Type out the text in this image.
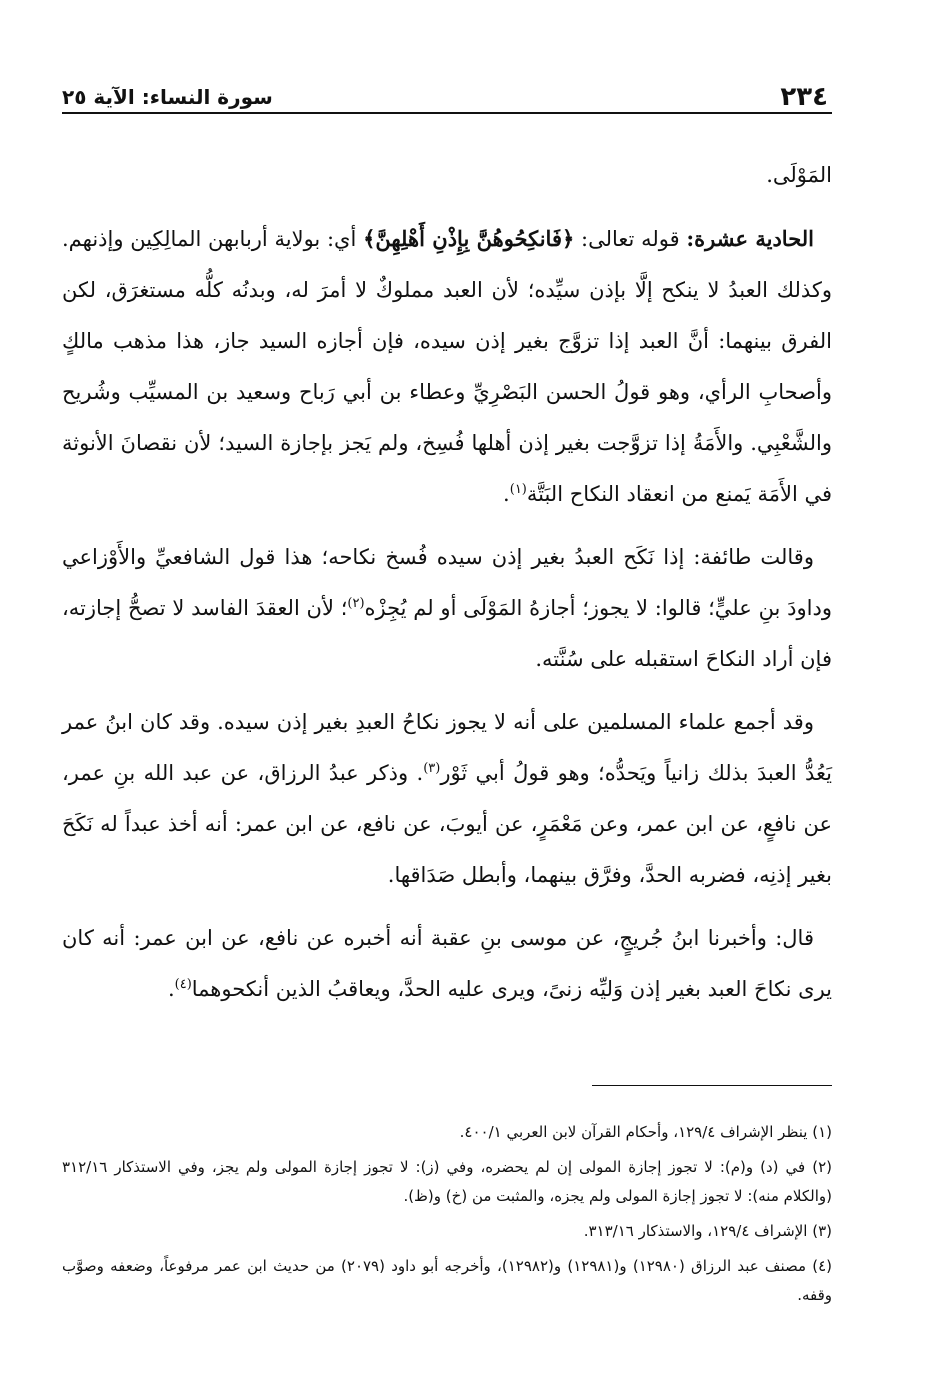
٢٣٤
سورة النساء: الآية ٢٥

المَوْلَى.

الحادية عشرة: قوله تعالى: ﴿فَانكِحُوهُنَّ بِإِذْنِ أَهْلِهِنَّ﴾ أي: بولاية أربابهن المالِكِين وإذنهم. وكذلك العبدُ لا ينكح إلَّا بإذن سيِّده؛ لأن العبد مملوكٌ لا أمرَ له، وبدنُه كلُّه مستغرَق، لكن الفرق بينهما: أنَّ العبد إذا تزوَّج بغير إذن سيده، فإن أجازه السيد جاز، هذا مذهب مالكٍ وأصحابِ الرأي، وهو قولُ الحسن البَصْرِيِّ وعطاء بن أبي رَباح وسعيد بن المسيِّب وشُريح والشَّعْبِي. والأَمَةُ إذا تزوَّجت بغير إذن أهلها فُسِخ، ولم يَجز بإجازة السيد؛ لأن نقصانَ الأنوثة في الأَمَة يَمنع من انعقاد النكاح البَتَّة$^{(١)}$.

وقالت طائفة: إذا نَكَح العبدُ بغير إذن سيده فُسخ نكاحه؛ هذا قول الشافعيِّ والأَوْزاعي وداودَ بنِ عليٍّ؛ قالوا: لا يجوز؛ أجازهُ المَوْلَى أو لم يُجِزْه$^{(٢)}$؛ لأن العقدَ الفاسد لا تصحُّ إجازته، فإن أراد النكاحَ استقبله على سُنَّته.

وقد أجمع علماء المسلمين على أنه لا يجوز نكاحُ العبدِ بغير إذن سيده. وقد كان ابنُ عمر يَعُدُّ العبدَ بذلك زانياً ويَحدُّه؛ وهو قولُ أبي ثَوْر$^{(٣)}$. وذكر عبدُ الرزاق، عن عبد الله بنِ عمر، عن نافعٍ، عن ابن عمر، وعن مَعْمَرٍ، عن أيوبَ، عن نافع، عن ابن عمر: أنه أخذ عبداً له نَكَحَ بغير إذنِه، فضربه الحدَّ، وفرَّق بينهما، وأبطل صَدَاقها.

قال: وأخبرنا ابنُ جُريجٍ، عن موسى بنِ عقبة أنه أخبره عن نافع، عن ابن عمر: أنه كان يرى نكاحَ العبد بغير إذن وَليِّه زنىً، ويرى عليه الحدَّ، ويعاقبُ الذين أنكحوهما$^{(٤)}$.

(١) ينظر الإشراف ١٢٩/٤، وأحكام القرآن لابن العربي ٤٠٠/١.

(٢) في (د) و(م): لا تجوز إجازة المولى إن لم يحضره، وفي (ز): لا تجوز إجازة المولى ولم يجز، وفي الاستذكار ٣١٢/١٦ (والكلام منه): لا تجوز إجازة المولى ولم يجزه، والمثبت من (خ) و(ظ).

(٣) الإشراف ١٢٩/٤، والاستذكار ٣١٣/١٦.

(٤) مصنف عبد الرزاق (١٢٩٨٠) و(١٢٩٨١) و(١٢٩٨٢)، وأخرجه أبو داود (٢٠٧٩) من حديث ابن عمر مرفوعاً، وضعفه وصوَّب وقفه.
